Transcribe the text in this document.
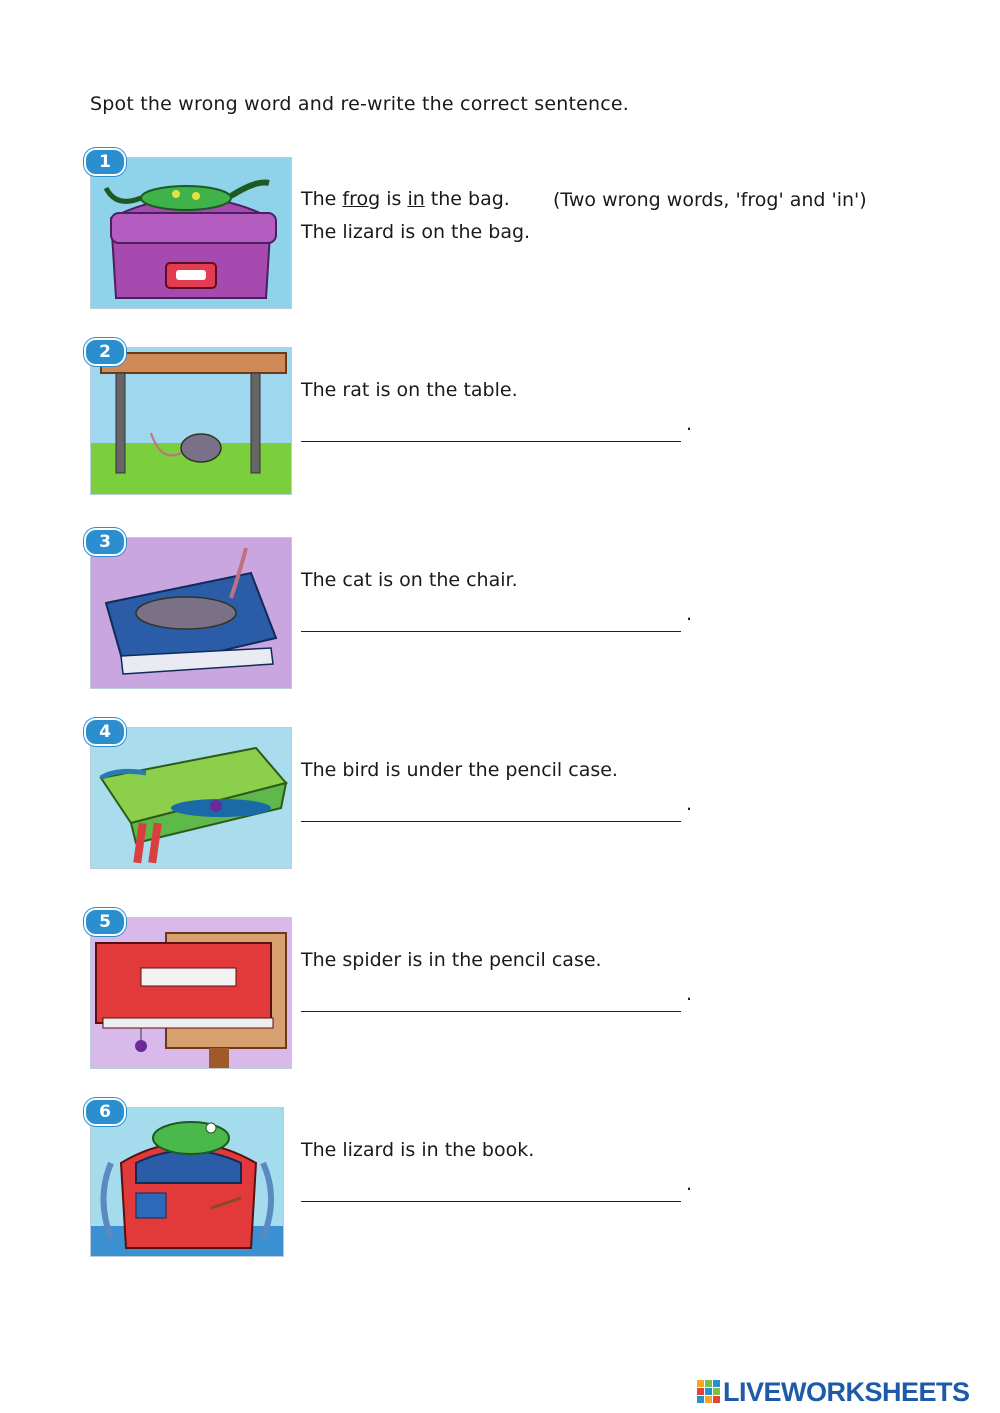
Spot the wrong word and re-write the correct sentence.
1
The frog is in the bag. (Two wrong words, 'frog' and 'in')
The lizard is on the bag.
2
The rat is on the table.
.
3
The cat is on the chair.
.
4
The bird is under the pencil case.
.
5
The spider is in the pencil case.
.
6
The lizard is in the book.
.
LIVEWORKSHEETS
